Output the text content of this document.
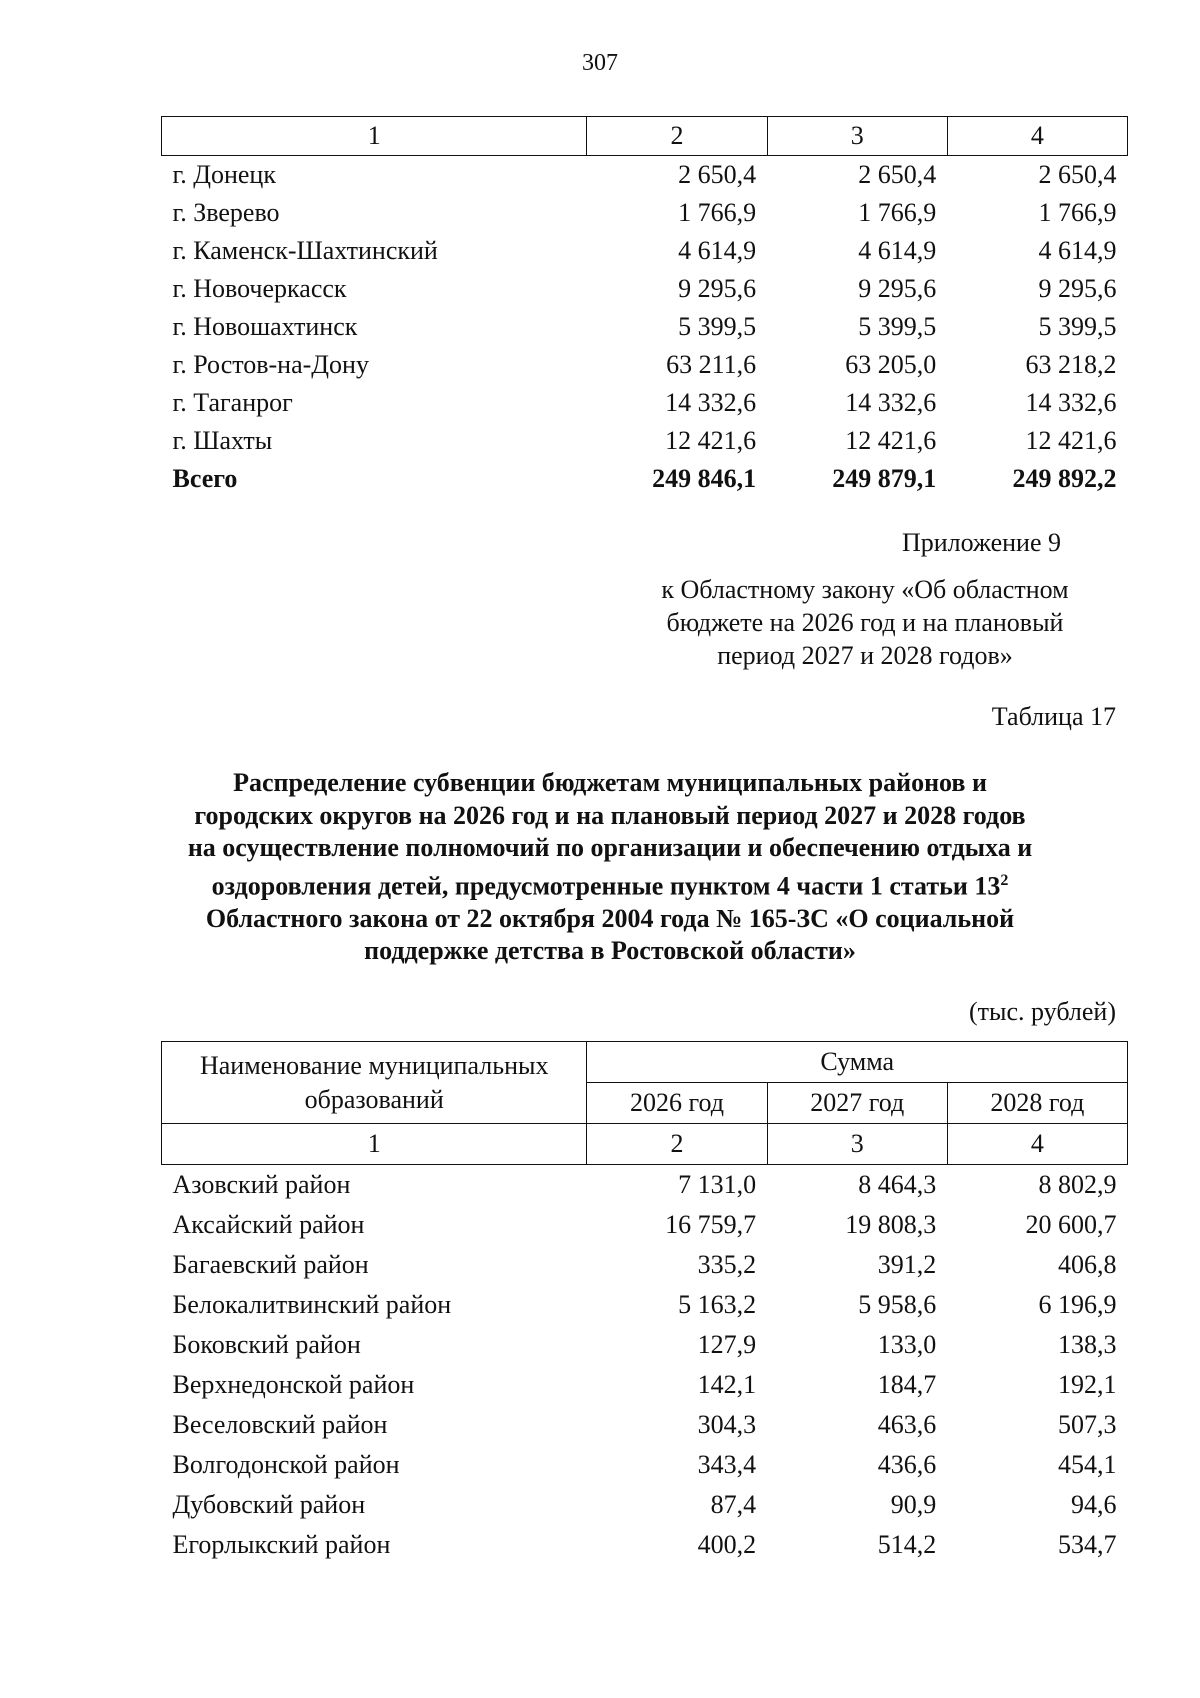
307
1	2	3	4
г. Донецк	2 650,4	2 650,4	2 650,4
г. Зверево	1 766,9	1 766,9	1 766,9
г. Каменск-Шахтинский	4 614,9	4 614,9	4 614,9
г. Новочеркасск	9 295,6	9 295,6	9 295,6
г. Новошахтинск	5 399,5	5 399,5	5 399,5
г. Ростов-на-Дону	63 211,6	63 205,0	63 218,2
г. Таганрог	14 332,6	14 332,6	14 332,6
г. Шахты	12 421,6	12 421,6	12 421,6
Всего	249 846,1	249 879,1	249 892,2
Приложение 9
к Областному закону «Об областном
бюджете на 2026 год и на плановый
период 2027 и 2028 годов»
Таблица 17
Распределение субвенции бюджетам муниципальных районов и
городских округов на 2026 год и на плановый период 2027 и 2028 годов
на осуществление полномочий по организации и обеспечению отдыха и
оздоровления детей, предусмотренные пунктом 4 части 1 статьи $13^2$
Областного закона от 22 октября 2004 года № 165-ЗС «О социальной
поддержке детства в Ростовской области»
(тыс. рублей)
Наименование муниципальных образований	Сумма		
	2026 год	2027 год	2028 год
1	2	3	4
Азовский район	7 131,0	8 464,3	8 802,9
Аксайский район	16 759,7	19 808,3	20 600,7
Багаевский район	335,2	391,2	406,8
Белокалитвинский район	5 163,2	5 958,6	6 196,9
Боковский район	127,9	133,0	138,3
Верхнедонской район	142,1	184,7	192,1
Веселовский район	304,3	463,6	507,3
Волгодонской район	343,4	436,6	454,1
Дубовский район	87,4	90,9	94,6
Егорлыкский район	400,2	514,2	534,7
